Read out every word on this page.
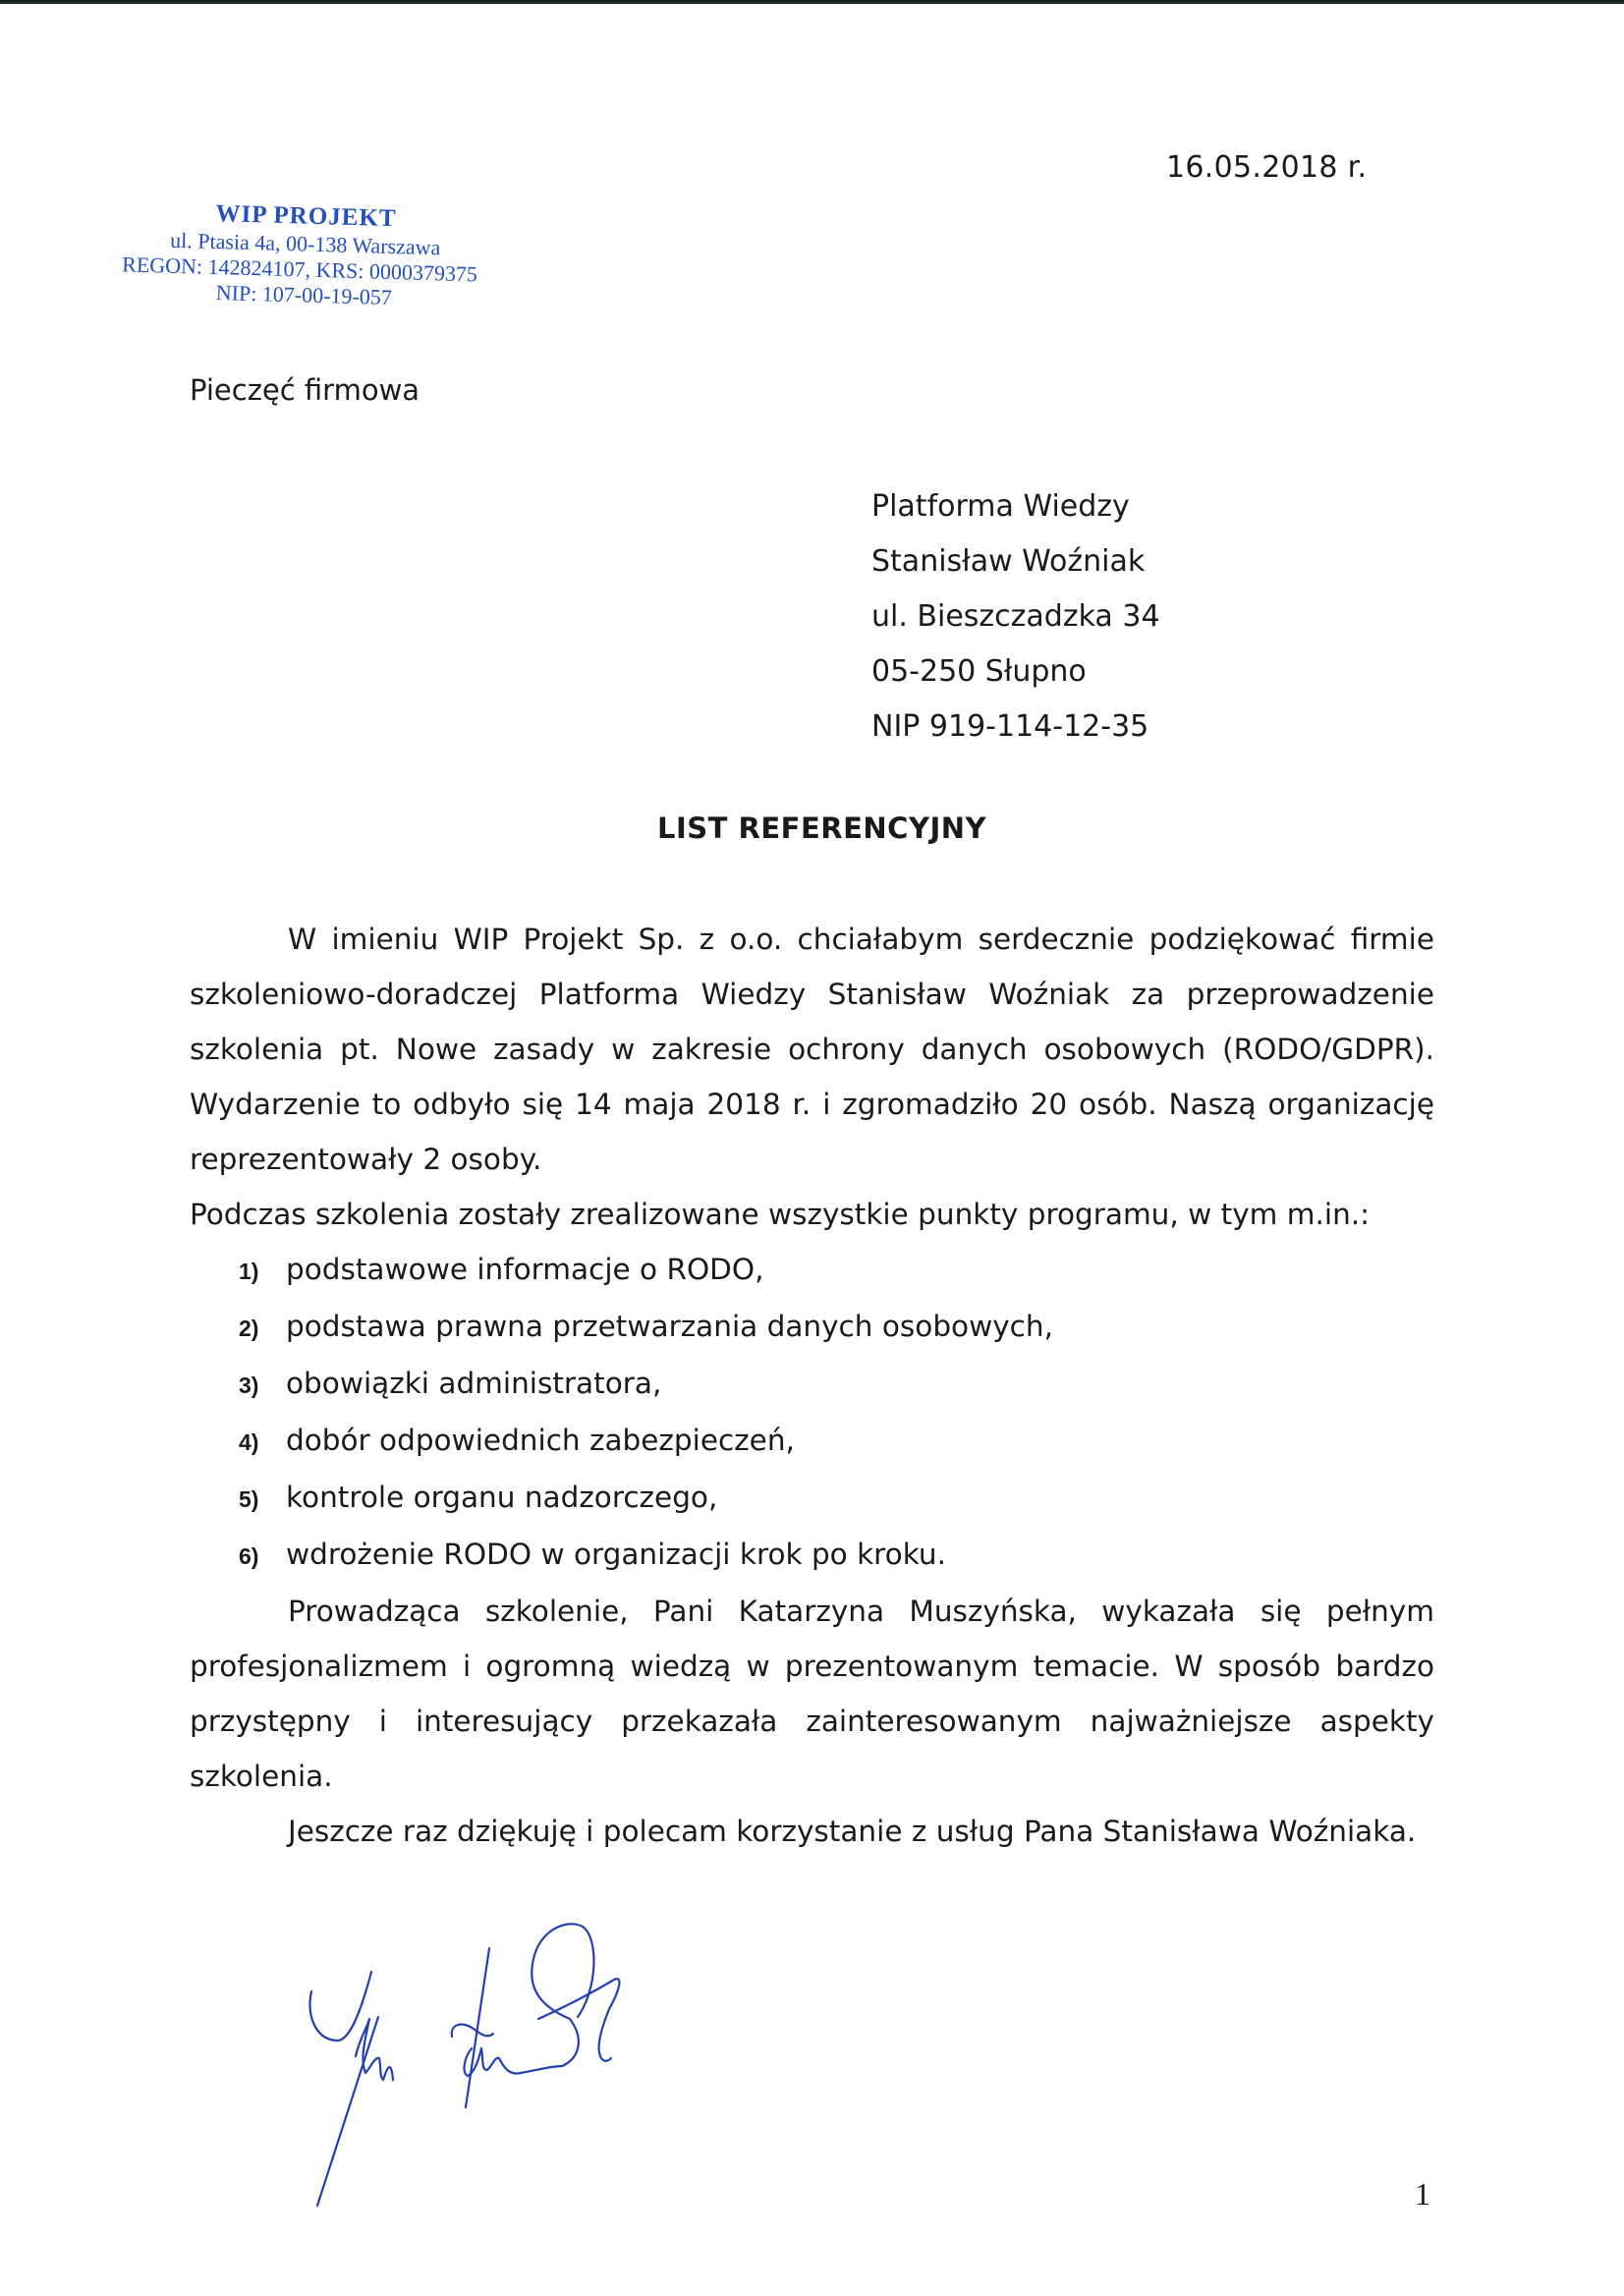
16.05.2018 r.
WIP PROJEKT
ul. Ptasia 4a, 00-138 Warszawa
REGON: 142824107, KRS: 0000379375
NIP: 107-00-19-057
Pieczęć firmowa
Platforma Wiedzy
Stanisław Woźniak
ul. Bieszczadzka 34
05-250 Słupno
NIP 919-114-12-35
LIST REFERENCYJNY

W imieniu WIP Projekt Sp. z o.o. chciałabym serdecznie podziękować firmie szkoleniowo-doradczej Platforma Wiedzy Stanisław Woźniak za przeprowadzenie szkolenia pt. Nowe zasady w zakresie ochrony danych osobowych (RODO/GDPR). Wydarzenie to odbyło się 14 maja 2018 r. i zgromadziło 20 osób. Naszą organizację reprezentowały 2 osoby.

Podczas szkolenia zostały zrealizowane wszystkie punkty programu, w tym m.in.:

1) podstawowe informacje o RODO,
2) podstawa prawna przetwarzania danych osobowych,
3) obowiązki administratora,
4) dobór odpowiednich zabezpieczeń,
5) kontrole organu nadzorczego,
6) wdrożenie RODO w organizacji krok po kroku.

Prowadząca szkolenie, Pani Katarzyna Muszyńska, wykazała się pełnym profesjonalizmem i ogromną wiedzą w prezentowanym temacie. W sposób bardzo przystępny i interesujący przekazała zainteresowanym najważniejsze aspekty szkolenia.

Jeszcze raz dziękuję i polecam korzystanie z usług Pana Stanisława Woźniaka.

1
